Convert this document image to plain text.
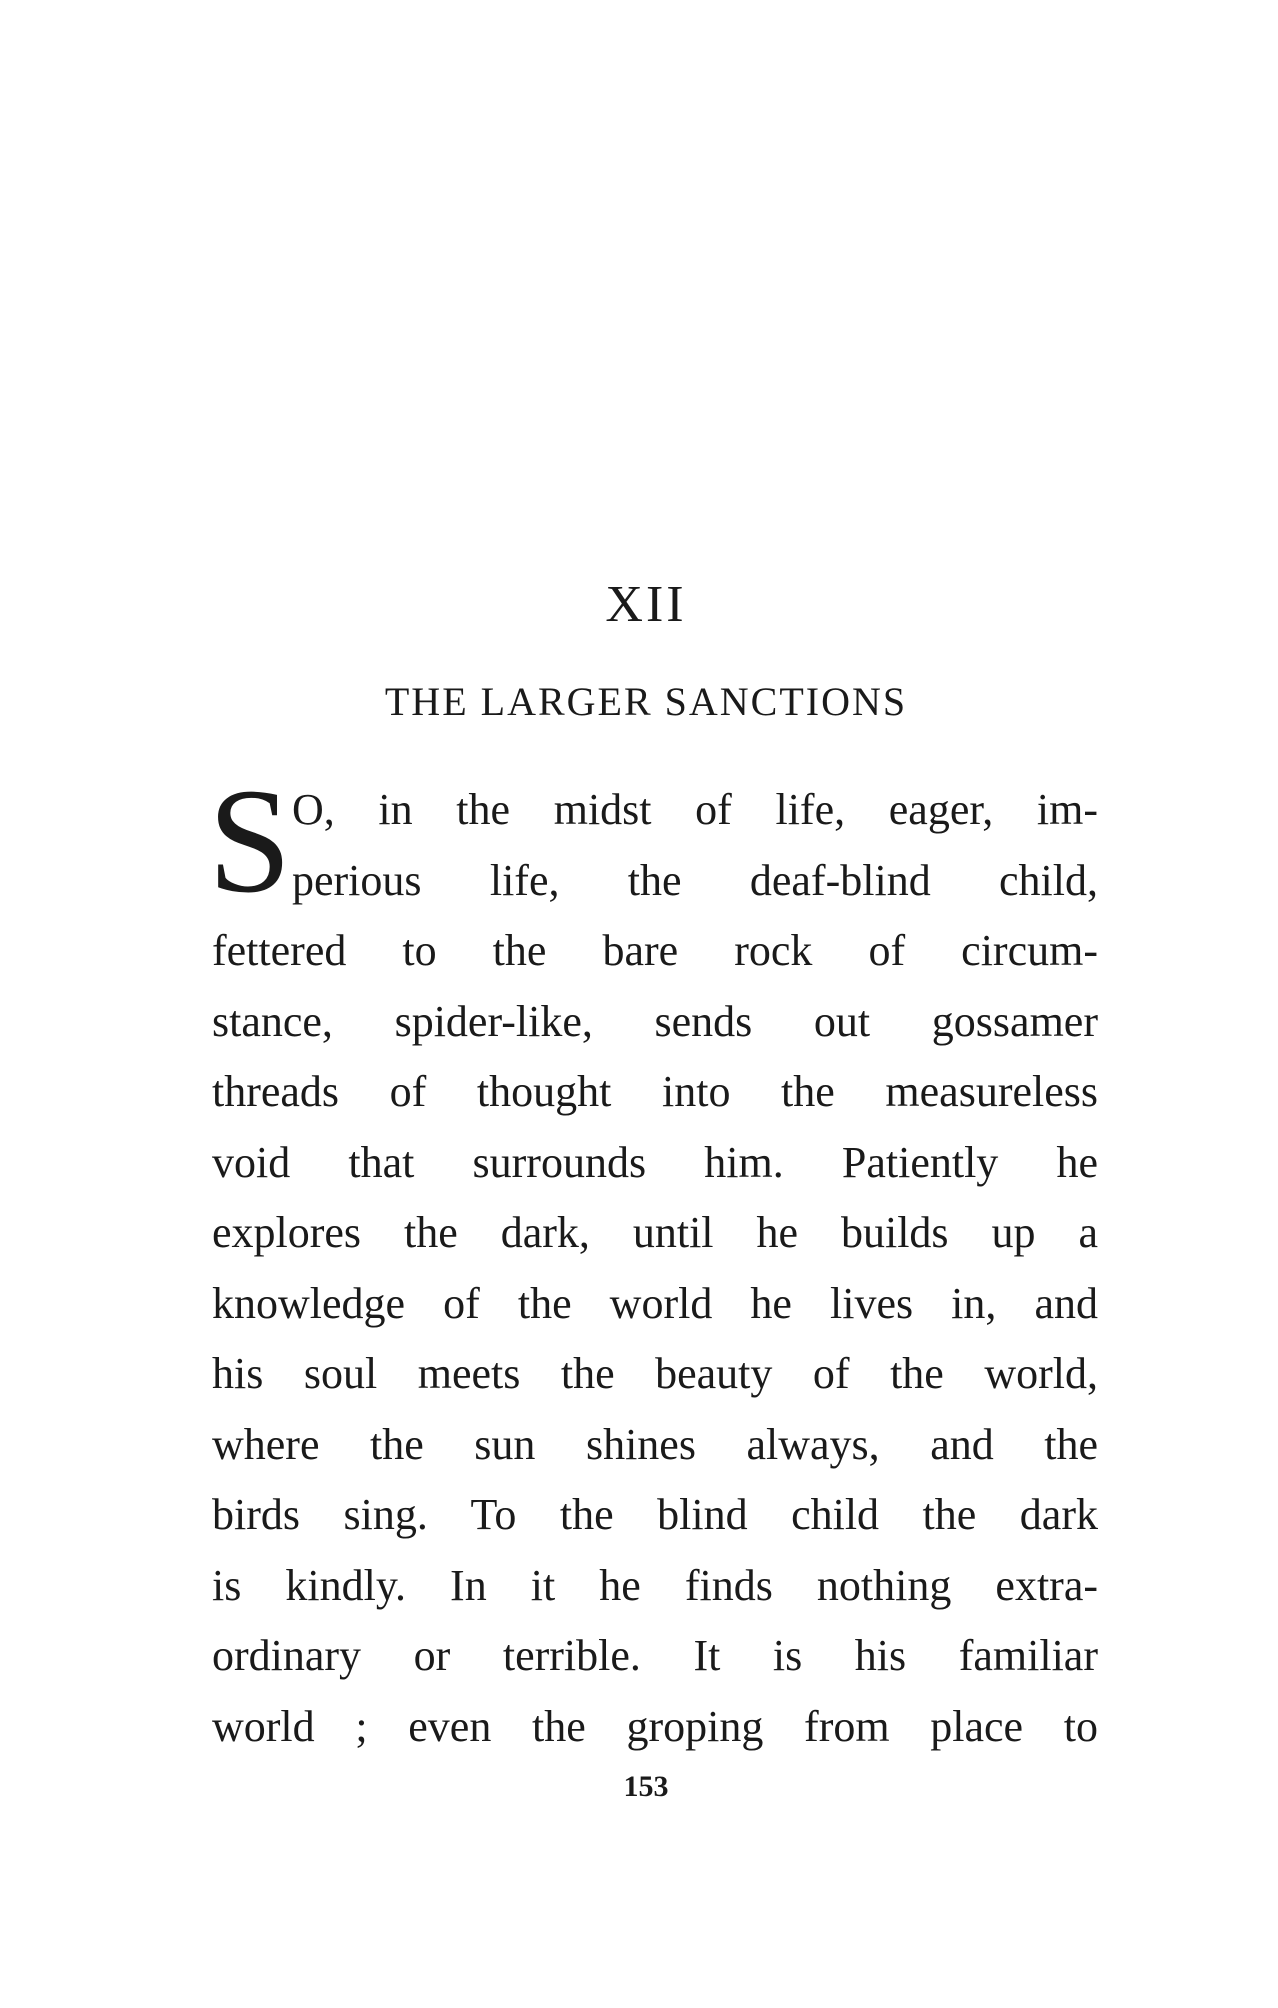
XII
THE LARGER SANCTIONS
S O, in the midst of life, eager, im-
perious life, the deaf-blind child,
fettered to the bare rock of circum-
stance, spider-like, sends out gossamer
threads of thought into the measureless
void that surrounds him. Patiently he
explores the dark, until he builds up a
knowledge of the world he lives in, and
his soul meets the beauty of the world,
where the sun shines always, and the
birds sing. To the blind child the dark
is kindly. In it he finds nothing extra-
ordinary or terrible. It is his familiar
world ; even the groping from place to
153
